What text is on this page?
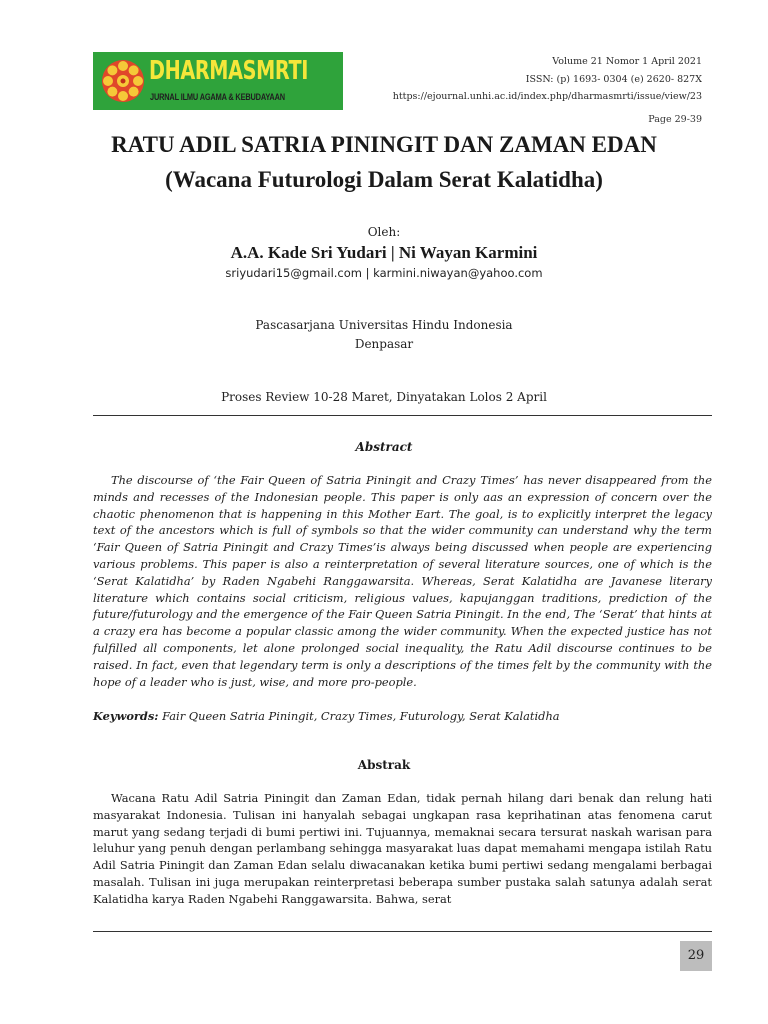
DHARMASMRTI
JURNAL ILMU AGAMA & KEBUDAYAAN
Volume 21 Nomor 1 April 2021
ISSN: (p) 1693- 0304 (e) 2620- 827X
https://ejournal.unhi.ac.id/index.php/dharmasmrti/issue/view/23
Page 29-39
RATU ADIL SATRIA PININGIT DAN ZAMAN EDAN
(Wacana Futurologi Dalam Serat Kalatidha)
Oleh:
A.A. Kade Sri Yudari | Ni Wayan Karmini
sriyudari15@gmail.com | karmini.niwayan@yahoo.com
Pascasarjana Universitas Hindu Indonesia
Denpasar
Proses Review 10-28 Maret, Dinyatakan Lolos 2 April
Abstract

The discourse of ‘the Fair Queen of Satria Piningit and Crazy Times’ has never disappeared from the minds and recesses of the Indonesian people. This paper is only aas an expression of concern over the chaotic phenomenon that is happening in this Mother Eart. The goal, is to explicitly interpret the legacy text of the ancestors which is full of symbols so that the wider community can understand why the term ‘Fair Queen of Satria Piningit and Crazy Times’is always being discussed when people are experiencing various problems. This paper is also a reinterpretation of several literature sources, one of which is the ‘Serat Kalatidha’ by Raden Ngabehi Ranggawarsita. Whereas, Serat Kalatidha are Javanese literary literature which contains social criticism, religious values, kapujanggan traditions, prediction of the future/futurology and the emergence of the Fair Queen Satria Piningit. In the end, The ‘Serat’ that hints at a crazy era has become a popular classic among the wider community. When the expected justice has not fulfilled all components, let alone prolonged social inequality, the Ratu Adil discourse continues to be raised. In fact, even that legendary term is only a descriptions of the times felt by the community with the hope of a leader who is just, wise, and more pro-people.

Keywords: Fair Queen Satria Piningit, Crazy Times, Futurology, Serat Kalatidha
Abstrak

Wacana Ratu Adil Satria Piningit dan Zaman Edan, tidak pernah hilang dari benak dan relung hati masyarakat Indonesia. Tulisan ini hanyalah sebagai ungkapan rasa keprihatinan atas fenomena carut marut yang sedang terjadi di bumi pertiwi ini. Tujuannya, memaknai secara tersurat naskah warisan para leluhur yang penuh dengan perlambang sehingga masyarakat luas dapat memahami mengapa istilah Ratu Adil Satria Piningit dan Zaman Edan selalu diwacanakan ketika bumi pertiwi sedang mengalami berbagai masalah. Tulisan ini juga merupakan reinterpretasi beberapa sumber pustaka salah satunya adalah serat Kalatidha karya Raden Ngabehi Ranggawarsita. Bahwa, serat

29
